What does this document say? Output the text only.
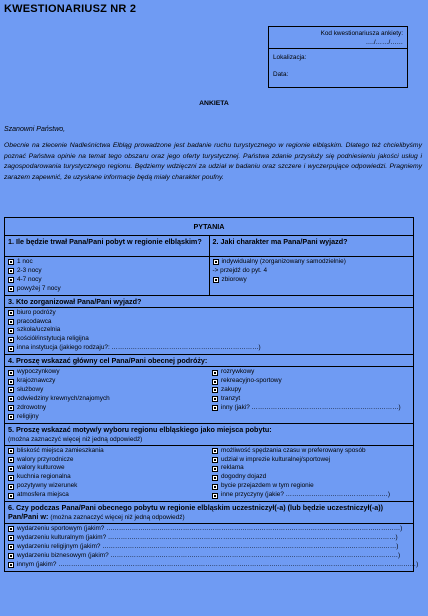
KWESTIONARIUSZ NR 2
Kod kwestionariusza ankiety:
…./……/……
Lokalizacja:
Data:
ANKIETA
Szanowni Państwo,
Obecnie na zlecenie Nadleśnictwa Elbląg prowadzone jest badanie ruchu turystycznego w regionie elbląskim. Dlatego też chcielibyśmy poznać Państwa opinie na temat tego obszaru oraz jego oferty turystycznej. Państwa zdanie przysłuży się podniesieniu jakości usług i zagospodarowania turystycznego regionu. Będziemy wdzięczni za udział w badaniu oraz szczere i wyczerpujące odpowiedzi. Pragniemy zarazem zapewnić, że uzyskane informacje będą miały charakter poufny.
PYTANIA
1. Ile będzie trwał Pana/Pani pobyt w regionie elbląskim?
1 noc
2-3 nocy
4-7 nocy
powyżej 7 nocy
2. Jaki charakter ma Pana/Pani wyjazd?
indywidualny (zorganizowany samodzielnie)
-> przejdź do pyt. 4
zbiorowy
3. Kto zorganizował Pana/Pani wyjazd?
biuro podróży
pracodawca
szkoła/uczelnia
kościół/instytucja religijna
inna instytucja (jakiego rodzaju?: ……………………………………………………………)
4. Proszę wskazać główny cel Pana/Pani obecnej podróży:
wypoczynkowy
krajoznawczy
służbowy
odwiedziny krewnych/znajomych
zdrowotny
religijny
rozrywkowy
rekreacyjno-sportowy
zakupy
tranzyt
inny (jaki? ……………………………………………………………)
5. Proszę wskazać motyw/y wyboru regionu elbląskiego jako miejsca pobytu:
(można zaznaczyć więcej niż jedną odpowiedź)
bliskość miejsca zamieszkania
walory przyrodnicze
walory kulturowe
kuchnia regionalna
pozytywny wizerunek
atmosfera miejsca
możliwość spędzania czasu w preferowany sposób
udział w imprezie kulturalnej/sportowej
reklama
dogodny dojazd
bycie przejazdem w tym regionie
inne przyczyny (jakie? …………………………………………)
6. Czy podczas Pana/Pani obecnego pobytu w regionie elbląskim uczestniczył(-a) (lub będzie uczestniczył(-a)) Pan/Pani w: (można zaznaczyć więcej niż jedną odpowiedź)
wydarzeniu sportowym (jakim? …………………………………………………………………………………………………………………………)
wydarzeniu kulturalnym (jakim? ………………………………………………………………………………………………………………………)
wydarzeniu religijnym (jakim? …………………………………………………………………………………………………………………………)
wydarzeniu biznesowym (jakim? ………………………………………………………………………………………………………………………)
innym (jakim? ……………………………………………………………………………………………………………………………………………………)
